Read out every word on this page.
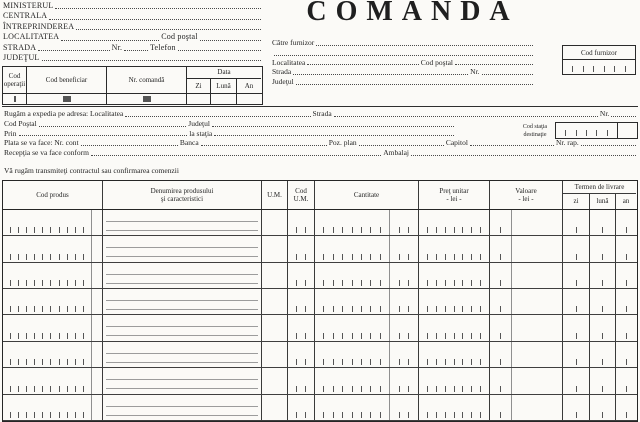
MINISTERUL
CENTRALA
ÎNTREPRINDEREA
LOCALITATEA	Cod poştal
STRADA	Nr.	Telefon
JUDEŢUL
COMANDA
Către furnizor
Localitatea	Cod poştal
Strada	Nr.
Judeţul
Cod furnizor
Cod
operaţii
Cod beneficiar	Nr. comandă
Data
Zi	Lună	An
Rugăm a expedia pe adresa: Localitatea	Strada	Nr.
Cod Poştal	Judeţul
Prin	la staţia
Plata se va face: Nr. cont	Banca	Poz. plan	Capitol	Nr. rap.
Recepţia se va face conform	Ambalaj
Cod staţia
destinaţie
Vă rugăm transmiteţi contractul sau confirmarea comenzii
Cod produs
Denumirea produsului
şi caracteristici
U.M.
Cod
U.M.
Cantitate
Preţ unitar
- lei -
Valoare
- lei -
Termen de livrare
zi	lună	an
